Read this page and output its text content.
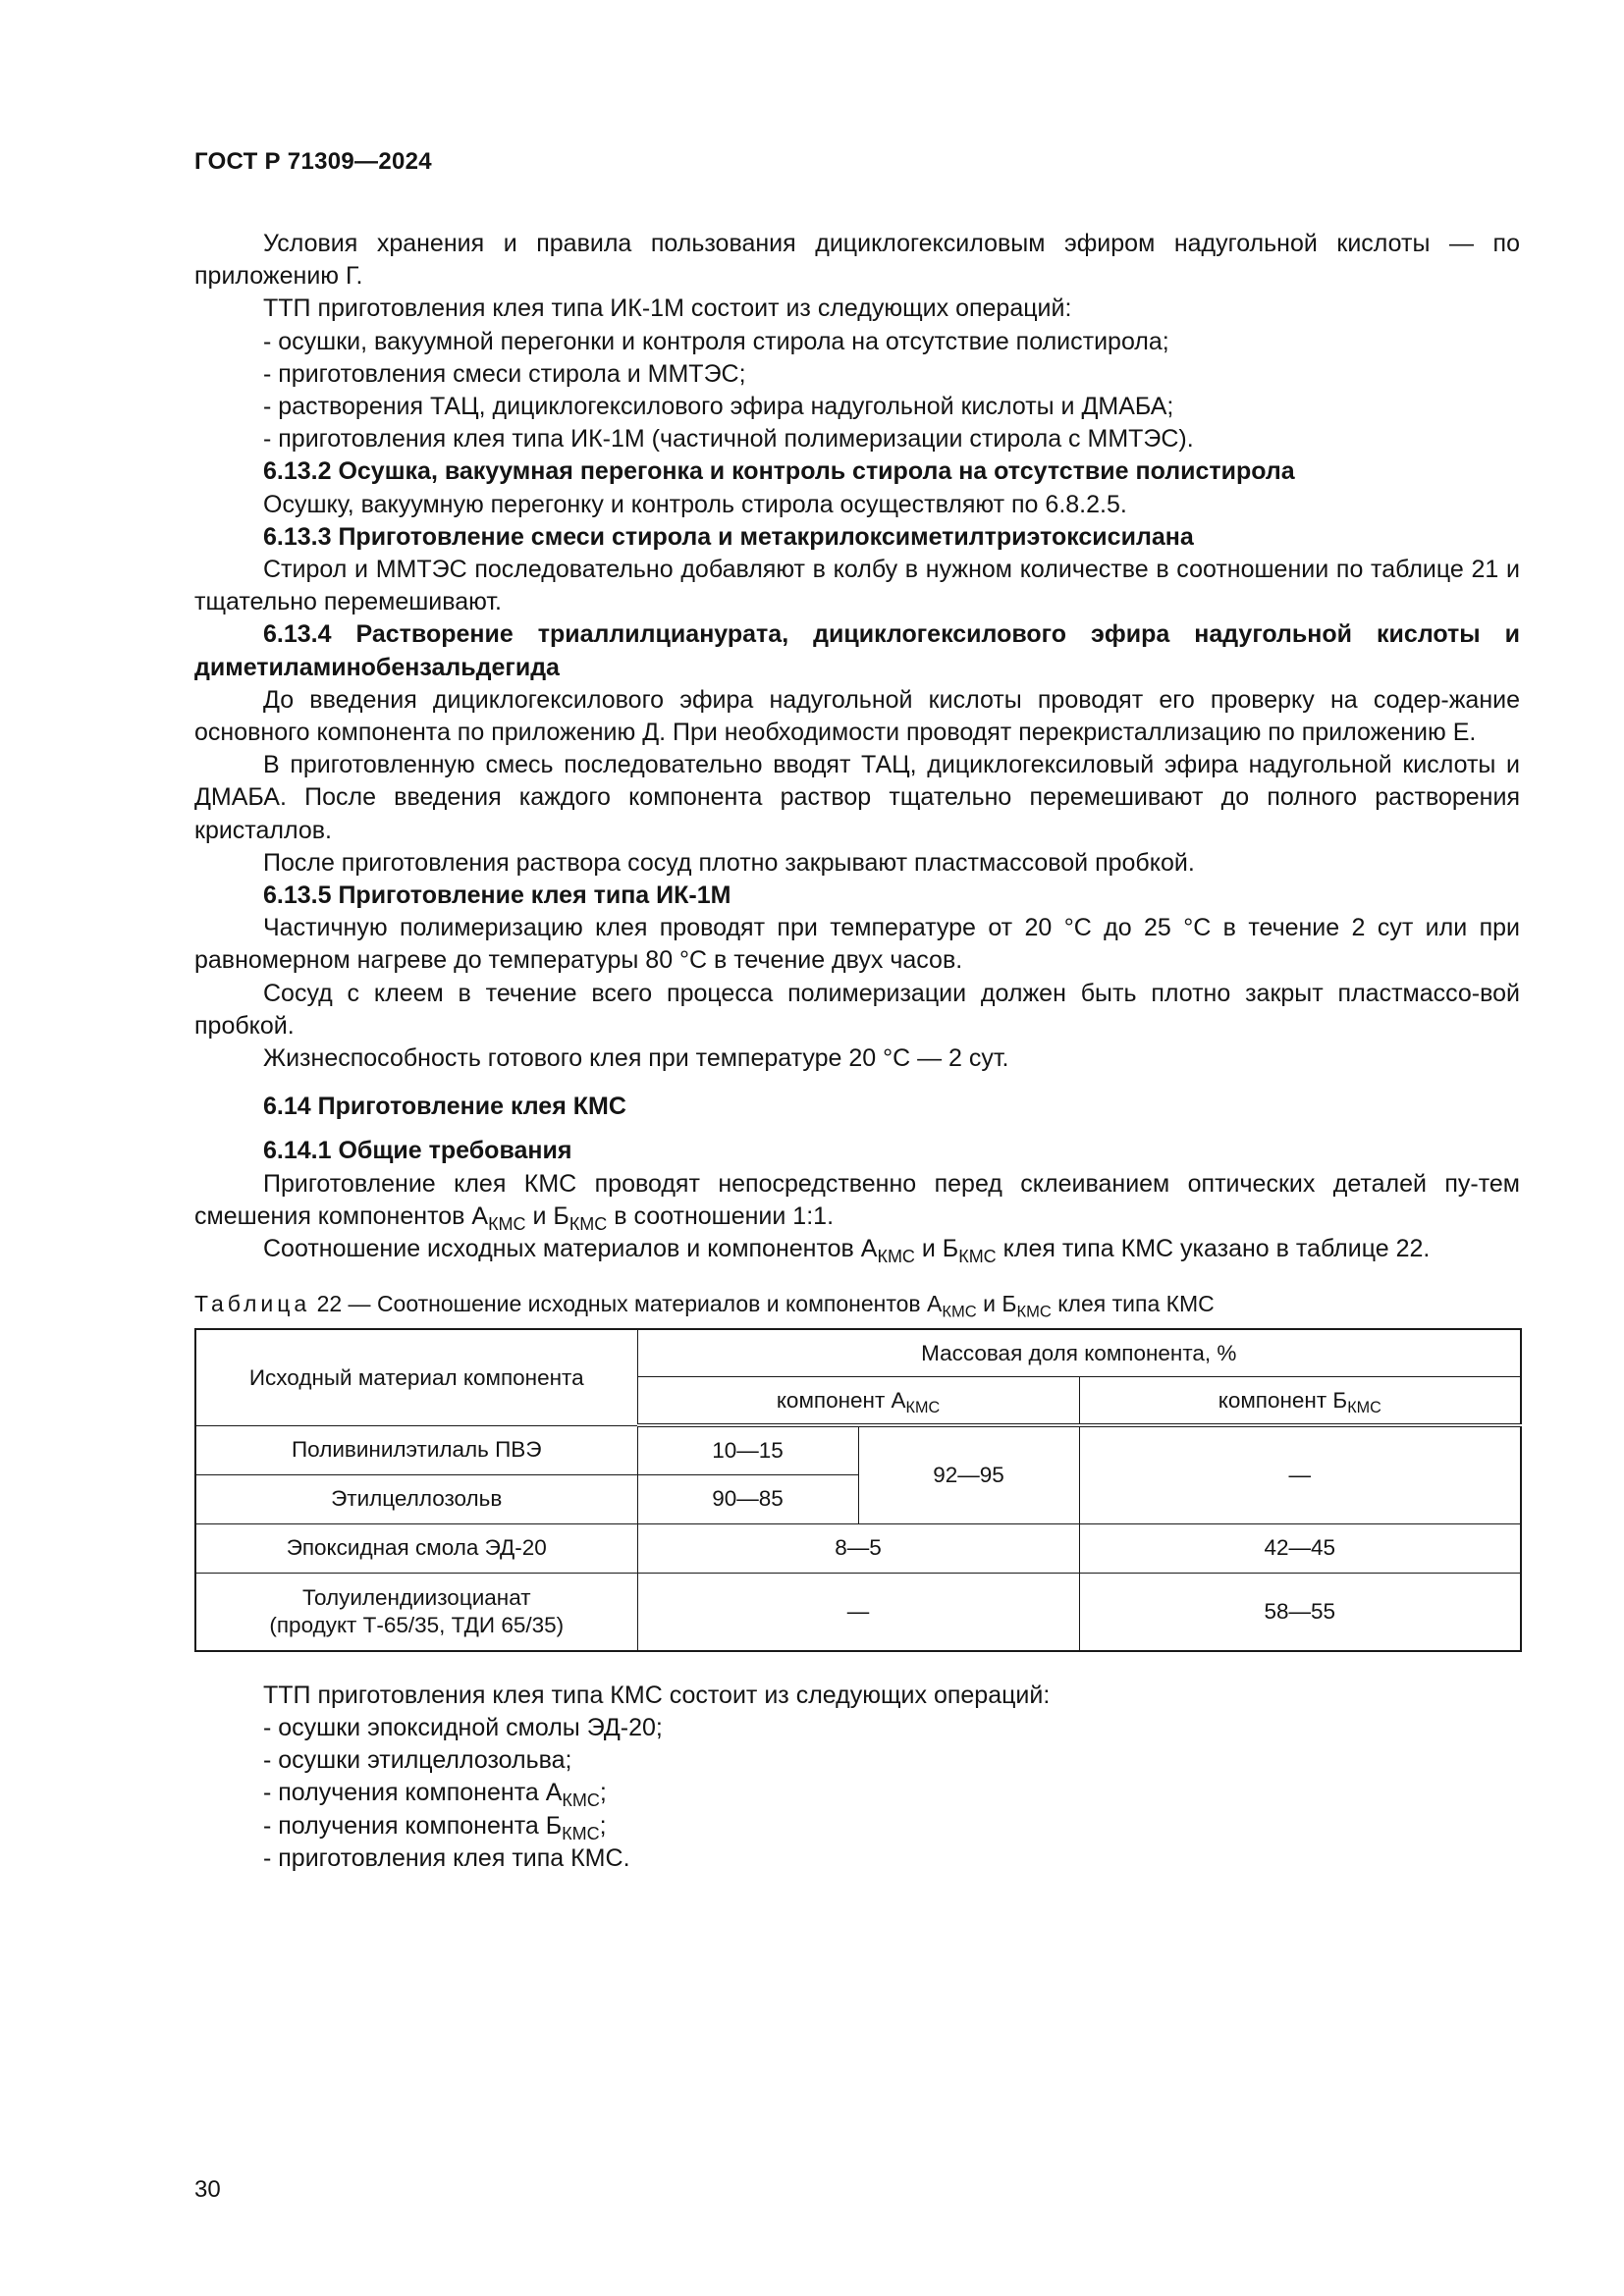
ГОСТ Р 71309—2024

Условия хранения и правила пользования дициклогексиловым эфиром надугольной кислоты — по приложению Г.

ТТП приготовления клея типа ИК-1М состоит из следующих операций:

- осушки, вакуумной перегонки и контроля стирола на отсутствие полистирола;

- приготовления смеси стирола и ММТЭС;

- растворения ТАЦ, дициклогексилового эфира надугольной кислоты и ДМАБА;

- приготовления клея типа ИК-1М (частичной полимеризации стирола с ММТЭС).

6.13.2 Осушка, вакуумная перегонка и контроль стирола на отсутствие полистирола

Осушку, вакуумную перегонку и контроль стирола осуществляют по 6.8.2.5.

6.13.3 Приготовление смеси стирола и метакрилоксиметилтриэтоксисилана

Стирол и ММТЭС последовательно добавляют в колбу в нужном количестве в соотношении по таблице 21 и тщательно перемешивают.

6.13.4 Растворение триаллилцианурата, дициклогексилового эфира надугольной кислоты и диметиламинобензальдегида

До введения дициклогексилового эфира надугольной кислоты проводят его проверку на содер-жание основного компонента по приложению Д. При необходимости проводят перекристаллизацию по приложению Е.

В приготовленную смесь последовательно вводят ТАЦ, дициклогексиловый эфира надугольной кислоты и ДМАБА. После введения каждого компонента раствор тщательно перемешивают до полного растворения кристаллов.

После приготовления раствора сосуд плотно закрывают пластмассовой пробкой.

6.13.5 Приготовление клея типа ИК-1М

Частичную полимеризацию клея проводят при температуре от 20 °C до 25 °C в течение 2 сут или при равномерном нагреве до температуры 80 °C в течение двух часов.

Сосуд с клеем в течение всего процесса полимеризации должен быть плотно закрыт пластмассо-вой пробкой.

Жизнеспособность готового клея при температуре 20 °C — 2 сут.

6.14 Приготовление клея КМС

6.14.1 Общие требования

Приготовление клея КМС проводят непосредственно перед склеиванием оптических деталей пу-тем смешения компонентов $А_{КМС}$ и $Б_{КМС}$ в соотношении 1:1.

Соотношение исходных материалов и компонентов $А_{КМС}$ и $Б_{КМС}$ клея типа КМС указано в таблице 22.

Таблица 22 — Соотношение исходных материалов и компонентов $А_{КМС}$ и $Б_{КМС}$ клея типа КМС

Исходный материал компонента	Массовая доля компонента, %		
	компонент $А_{КМС}$		компонент $Б_{КМС}$
Поливинилэтилаль ПВЭ	10—15	92—95	—
Этилцеллозольв	90—85		
Эпоксидная смола ЭД-20	8—5		42—45
Толуилендиизоцианат
(продукт Т-65/35, ТДИ 65/35)	—		58—55

ТТП приготовления клея типа КМС состоит из следующих операций:

- осушки эпоксидной смолы ЭД-20;

- осушки этилцеллозольва;

- получения компонента $А_{КМС}$;

- получения компонента $Б_{КМС}$;

- приготовления клея типа КМС.

30
